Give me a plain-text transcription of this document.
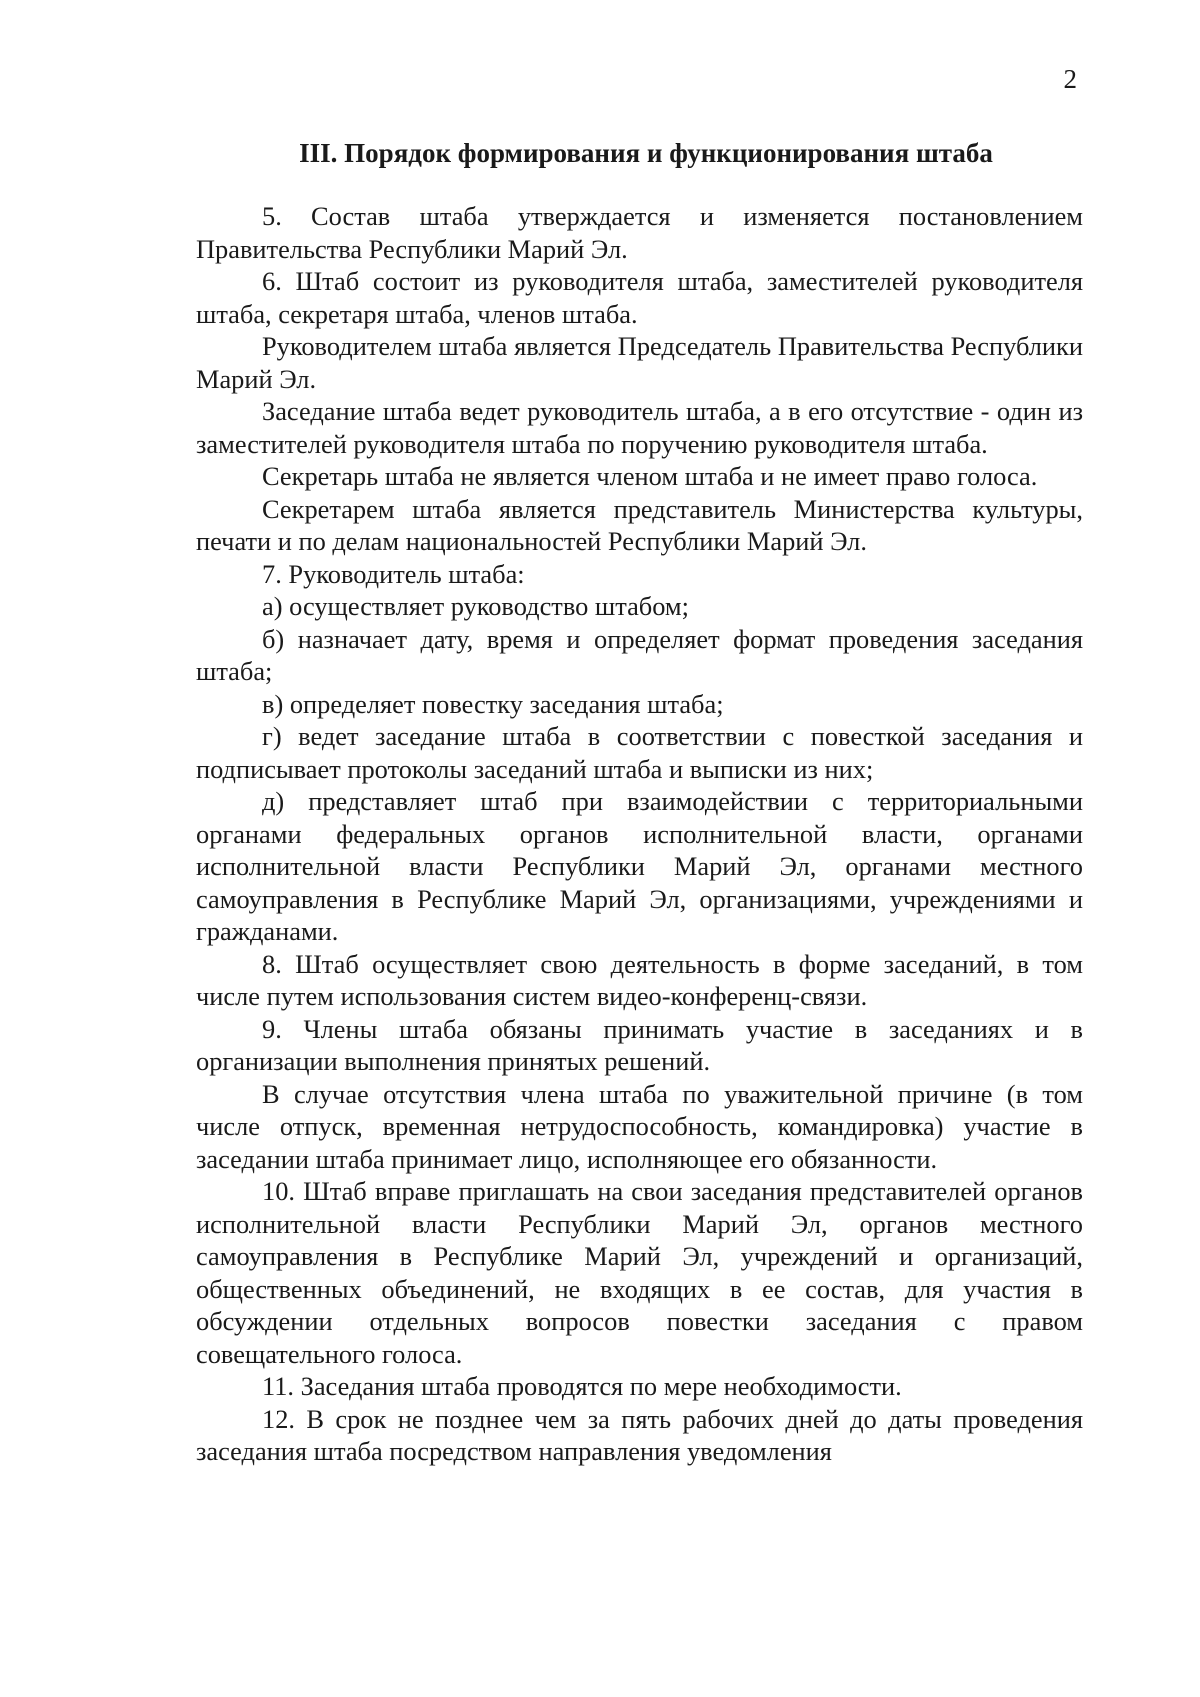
2
III. Порядок формирования и функционирования штаба

5. Состав штаба утверждается и изменяется постановлением Правительства Республики Марий Эл.

6. Штаб состоит из руководителя штаба, заместителей руководителя штаба, секретаря штаба, членов штаба.

Руководителем штаба является Председатель Правительства Республики Марий Эл.

Заседание штаба ведет руководитель штаба, а в его отсутствие - один из заместителей руководителя штаба по поручению руководителя штаба.

Секретарь штаба не является членом штаба и не имеет право голоса.

Секретарем штаба является представитель Министерства культуры, печати и по делам национальностей Республики Марий Эл.

7. Руководитель штаба:

а) осуществляет руководство штабом;

б) назначает дату, время и определяет формат проведения заседания штаба;

в) определяет повестку заседания штаба;

г) ведет заседание штаба в соответствии с повесткой заседания и подписывает протоколы заседаний штаба и выписки из них;

д) представляет штаб при взаимодействии с территориальными органами федеральных органов исполнительной власти, органами исполнительной власти Республики Марий Эл, органами местного самоуправления в Республике Марий Эл, организациями, учреждениями и гражданами.

8. Штаб осуществляет свою деятельность в форме заседаний, в том числе путем использования систем видео-конференц-связи.

9. Члены штаба обязаны принимать участие в заседаниях и в организации выполнения принятых решений.

В случае отсутствия члена штаба по уважительной причине (в том числе отпуск, временная нетрудоспособность, командировка) участие в заседании штаба принимает лицо, исполняющее его обязанности.

10. Штаб вправе приглашать на свои заседания представителей органов исполнительной власти Республики Марий Эл, органов местного самоуправления в Республике Марий Эл, учреждений и организаций, общественных объединений, не входящих в ее состав, для участия в обсуждении отдельных вопросов повестки заседания с правом совещательного голоса.

11. Заседания штаба проводятся по мере необходимости.

12. В срок не позднее чем за пять рабочих дней до даты проведения заседания штаба посредством направления уведомления
